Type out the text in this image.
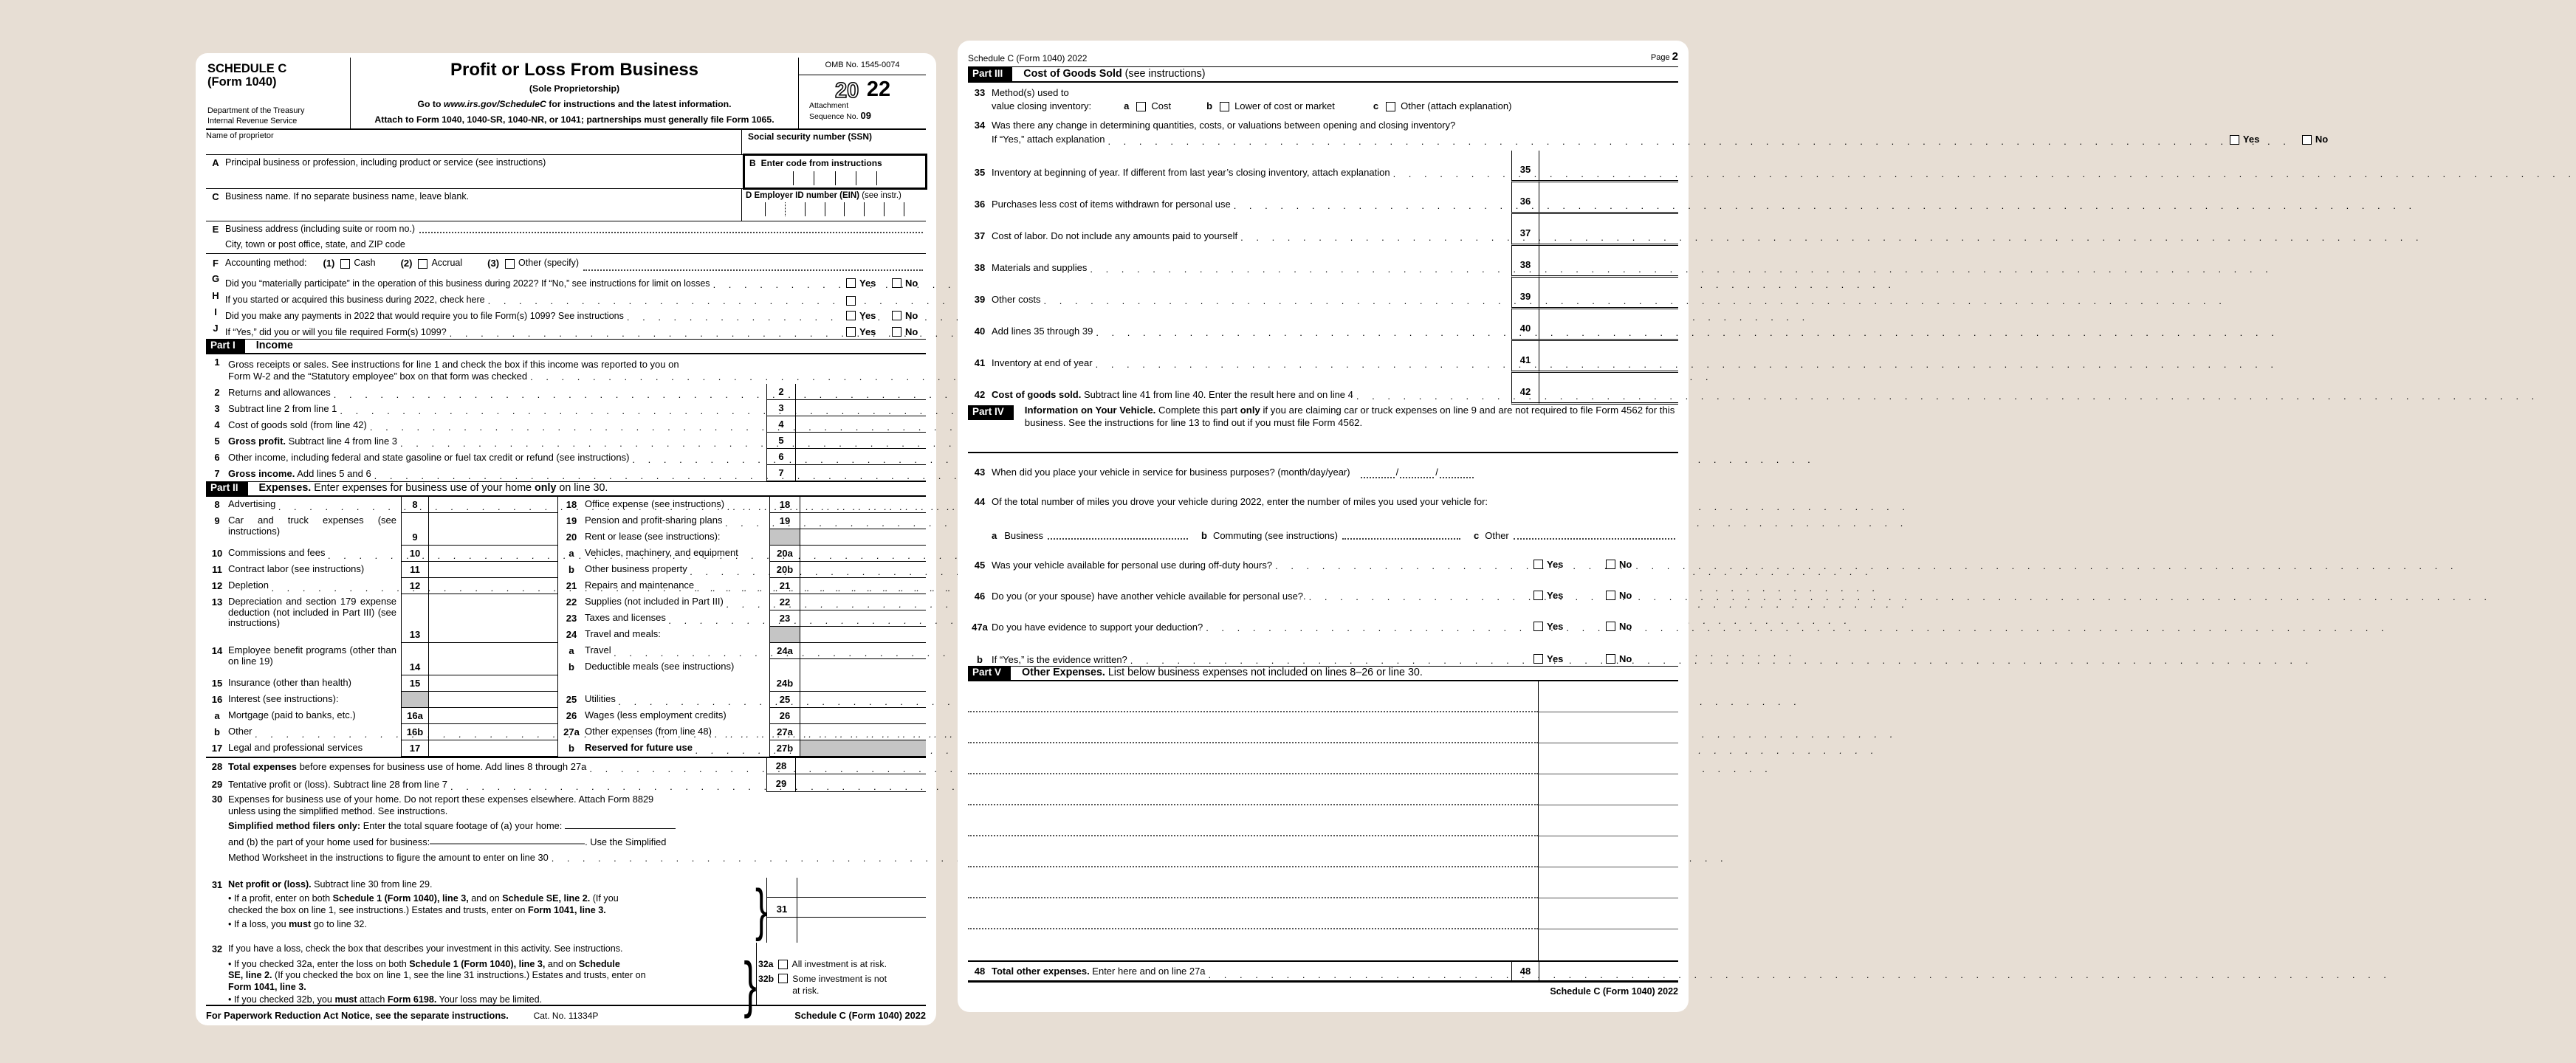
SCHEDULE C
(Form 1040)
Department of the Treasury
Internal Revenue Service
Profit or Loss From Business
(Sole Proprietorship)
Go to www.irs.gov/ScheduleC for instructions and the latest information.
Attach to Form 1040, 1040-SR, 1040-NR, or 1041; partnerships must generally file Form 1065.
OMB No. 1545-0074
20 22
Attachment
Sequence No. 09
Name of proprietor	Social security number (SSN)
A Principal business or profession, including product or service (see instructions)	B Enter code from instructions
C Business name. If no separate business name, leave blank.	D Employer ID number (EIN) (see instr.)
E Business address (including suite or room no.)
City, town or post office, state, and ZIP code
F Accounting method: (1) Cash	(2) Accrual	(3) Other (specify)
G Did you “materially participate” in the operation of this business during 2022? If “No,” see instructions for limit on losses . . .	Yes	No
H If you started or acquired this business during 2022, check here
. . .
I Did you make any payments in 2022 that would require you to file Form(s) 1099? See instructions . . .	Yes	No
J If “Yes,” did you or will you file required Form(s) 1099? . . .	Yes	No
Part I	Income
1 Gross receipts or sales. See instructions for line 1 and check the box if this income was reported to you on
Form W-2 and the “Statutory employee” box on that form was checked
. . .
2 Returns and allowances . . .	2
3 Subtract line 2 from line 1 . . .	3
4 Cost of goods sold (from line 42) . . .	4
5 Gross profit. Subtract line 4 from line 3 . . .	5
6 Other income, including federal and state gasoline or fuel tax credit or refund (see instructions) . . .	6
7 Gross income. Add lines 5 and 6 . . .	7
Part II	Expenses. Enter expenses for business use of your home only on line 30.
8 Advertising . . .	8
9 Car and truck expenses (see instructions)
9
10 Commissions and fees . . .	10
11 Contract labor (see instructions)	11
12 Depletion . . .	12
13 Depreciation and section 179 expense deduction (not included in Part III) (see instructions)
13
14 Employee benefit programs (other than on line 19)
14
15 Insurance (other than health)	15
16 Interest (see instructions):
a Mortgage (paid to banks, etc.)	16a
b Other . . .	16b
17 Legal and professional services	17
18 Office expense (see instructions) . . .	18
19 Pension and profit-sharing plans . . .	19
20 Rent or lease (see instructions):
a	Vehicles, machinery, and equipment	20a
b	Other business property . . .	20b
21 Repairs and maintenance . . .	21
22 Supplies (not included in Part III) . . .	22
23 Taxes and licenses . . .	23
24 Travel and meals:
a	Travel . . .	24a
b	Deductible meals (see instructions)
24b
25 Utilities . . .	25
26 Wages (less employment credits)	26
27a Other expenses (from line 48) . . .	27a
b	Reserved for future use . . .	27b
28 Total expenses before expenses for business use of home. Add lines 8 through 27a . . .	28
29 Tentative profit or (loss). Subtract line 28 from line 7 . . .	29
30 Expenses for business use of your home. Do not report these expenses elsewhere. Attach Form 8829
unless using the simplified method. See instructions.
Simplified method filers only: Enter the total square footage of (a) your home:
and (b) the part of your home used for business:	. Use the Simplified
Method Worksheet in the instructions to figure the amount to enter on line 30
. . .
31 Net profit or (loss). Subtract line 30 from line 29.
• If a profit, enter on both Schedule 1 (Form 1040), line 3, and on Schedule SE, line 2. (If you
checked the box on line 1, see instructions.) Estates and trusts, enter on Form 1041, line 3.
• If a loss, you must go to line 32.	} 31
32 If you have a loss, check the box that describes your investment in this activity. See instructions.
• If you checked 32a, enter the loss on both Schedule 1 (Form 1040), line 3, and on Schedule
SE, line 2. (If you checked the box on line 1, see the line 31 instructions.) Estates and trusts, enter on
Form 1041, line 3.
• If you checked 32b, you must attach Form 6198. Your loss may be limited.	} 32a All investment is at risk.
32b Some investment is not
at risk.
For Paperwork Reduction Act Notice, see the separate instructions.	Cat. No. 11334P	Schedule C (Form 1040) 2022
Schedule C (Form 1040) 2022	Page 2
Part III	Cost of Goods Sold (see instructions)
33 Method(s) used to
value closing inventory:	a Cost	b Lower of cost or market	c Other (attach explanation)
34 Was there any change in determining quantities, costs, or valuations between opening and closing inventory?
If “Yes,” attach explanation . . .	Yes	No
35 Inventory at beginning of year. If different from last year’s closing inventory, attach explanation . . .	35
36 Purchases less cost of items withdrawn for personal use . . .	36
37 Cost of labor. Do not include any amounts paid to yourself . . .	37
38 Materials and supplies . . .	38
39 Other costs . . .	39
40 Add lines 35 through 39 . . .	40
41 Inventory at end of year . . .	41
42 Cost of goods sold. Subtract line 41 from line 40. Enter the result here and on line 4 . . .	42
Part IV	Information on Your Vehicle. Complete this part only if you are claiming car or truck expenses on line 9 and are not required to file Form 4562 for this business. See the instructions for line 13 to find out if you must file Form 4562.
43 When did you place your vehicle in service for business purposes? (month/day/year)	/	/
44 Of the total number of miles you drove your vehicle during 2022, enter the number of miles you used your vehicle for:
a Business	b Commuting (see instructions)	c Other
45 Was your vehicle available for personal use during off-duty hours? . . .	Yes	No
46 Do you (or your spouse) have another vehicle available for personal use?. . . .	Yes	No
47a Do you have evidence to support your deduction? . . .	Yes	No
b If “Yes,” is the evidence written? . . .	Yes	No
Part V	Other Expenses. List below business expenses not included on lines 8–26 or line 30.
48 Total other expenses. Enter here and on line 27a . . .	48
Schedule C (Form 1040) 2022
